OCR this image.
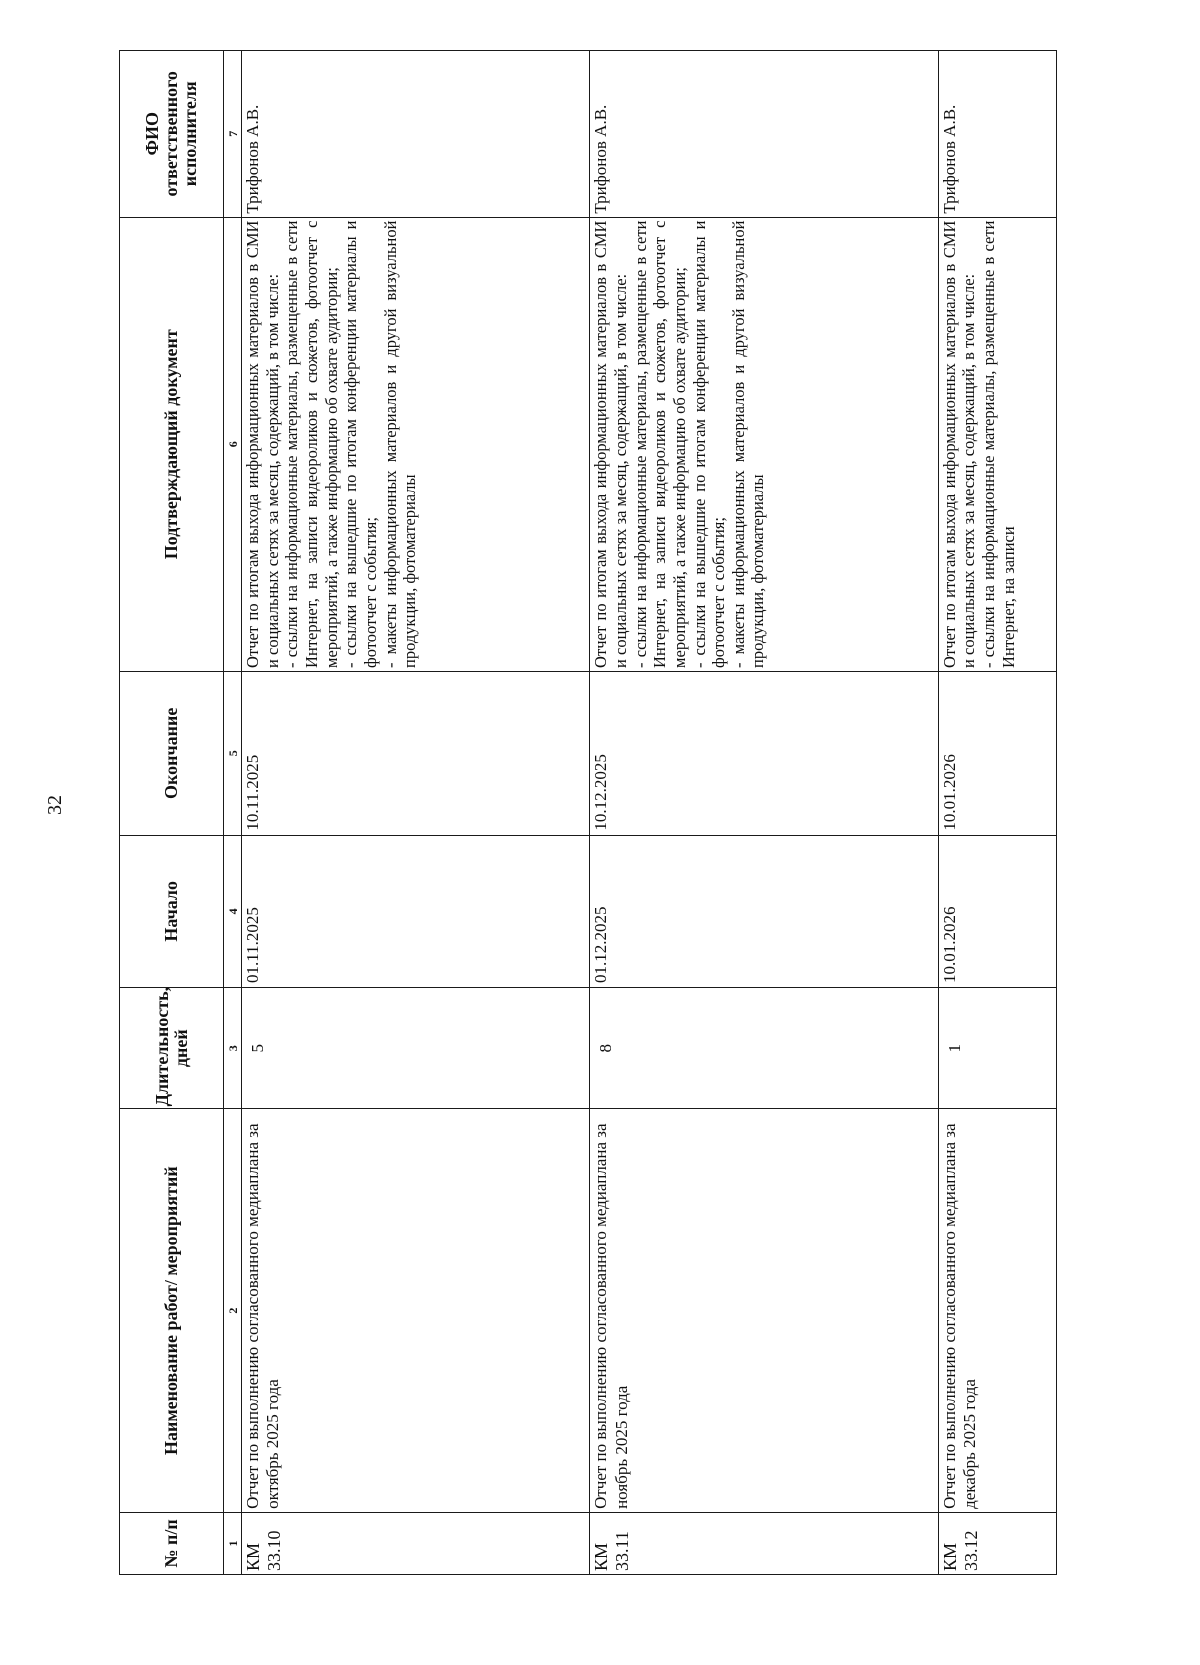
32
№ п/п	Наименование работ/ мероприятий	Длительность, дней	Начало	Окончание	Подтверждающий документ	ФИО ответственного исполнителя
1	2	3	4	5	6	7
КМ 33.10	Отчет по выполнению согласованного медиаплана за октябрь 2025 года	5	01.11.2025	10.11.2025	Отчет по итогам выхода информационных материалов в СМИ и социальных сетях за месяц, содержащий, в том числе: - ссылки на информационные материалы, размещенные в сети Интернет, на записи видеороликов и сюжетов, фотоотчет с мероприятий, а также информацию об охвате аудитории; - ссылки на вышедшие по итогам конференции материалы и фотоотчет с события; - макеты информационных материалов и другой визуальной продукции, фотоматериалы	Трифонов А.В.
КМ 33.11	Отчет по выполнению согласованного медиаплана за ноябрь 2025 года	8	01.12.2025	10.12.2025	Отчет по итогам выхода информационных материалов в СМИ и социальных сетях за месяц, содержащий, в том числе: - ссылки на информационные материалы, размещенные в сети Интернет, на записи видеороликов и сюжетов, фотоотчет с мероприятий, а также информацию об охвате аудитории; - ссылки на вышедшие по итогам конференции материалы и фотоотчет с события; - макеты информационных материалов и другой визуальной продукции, фотоматериалы	Трифонов А.В.
КМ 33.12	Отчет по выполнению согласованного медиаплана за декабрь 2025 года	1	10.01.2026	10.01.2026	Отчет по итогам выхода информационных материалов в СМИ и социальных сетях за месяц, содержащий, в том числе: - ссылки на информационные материалы, размещенные в сети Интернет, на записи	Трифонов А.В.
